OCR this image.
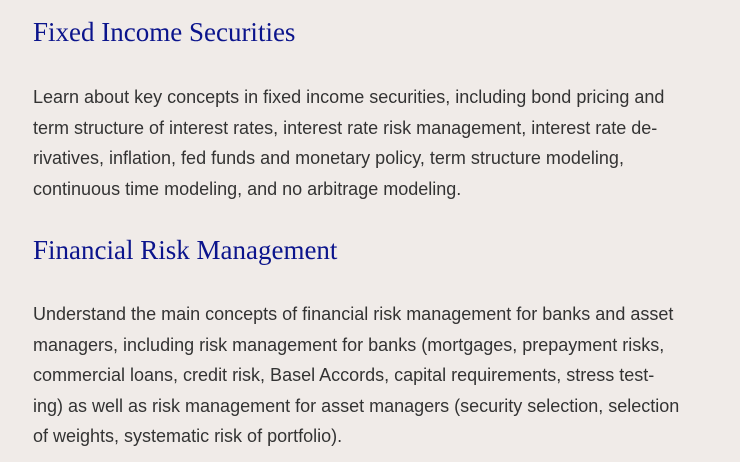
Fixed Income Securities

Learn about key concepts in fixed income securities, including bond pricing and
term structure of interest rates, interest rate risk management, interest rate de-
rivatives, inflation, fed funds and monetary policy, term structure modeling,
continuous time modeling, and no arbitrage modeling.

Financial Risk Management

Understand the main concepts of financial risk management for banks and asset
managers, including risk management for banks (mortgages, prepayment risks,
commercial loans, credit risk, Basel Accords, capital requirements, stress test-
ing) as well as risk management for asset managers (security selection, selection
of weights, systematic risk of portfolio).
